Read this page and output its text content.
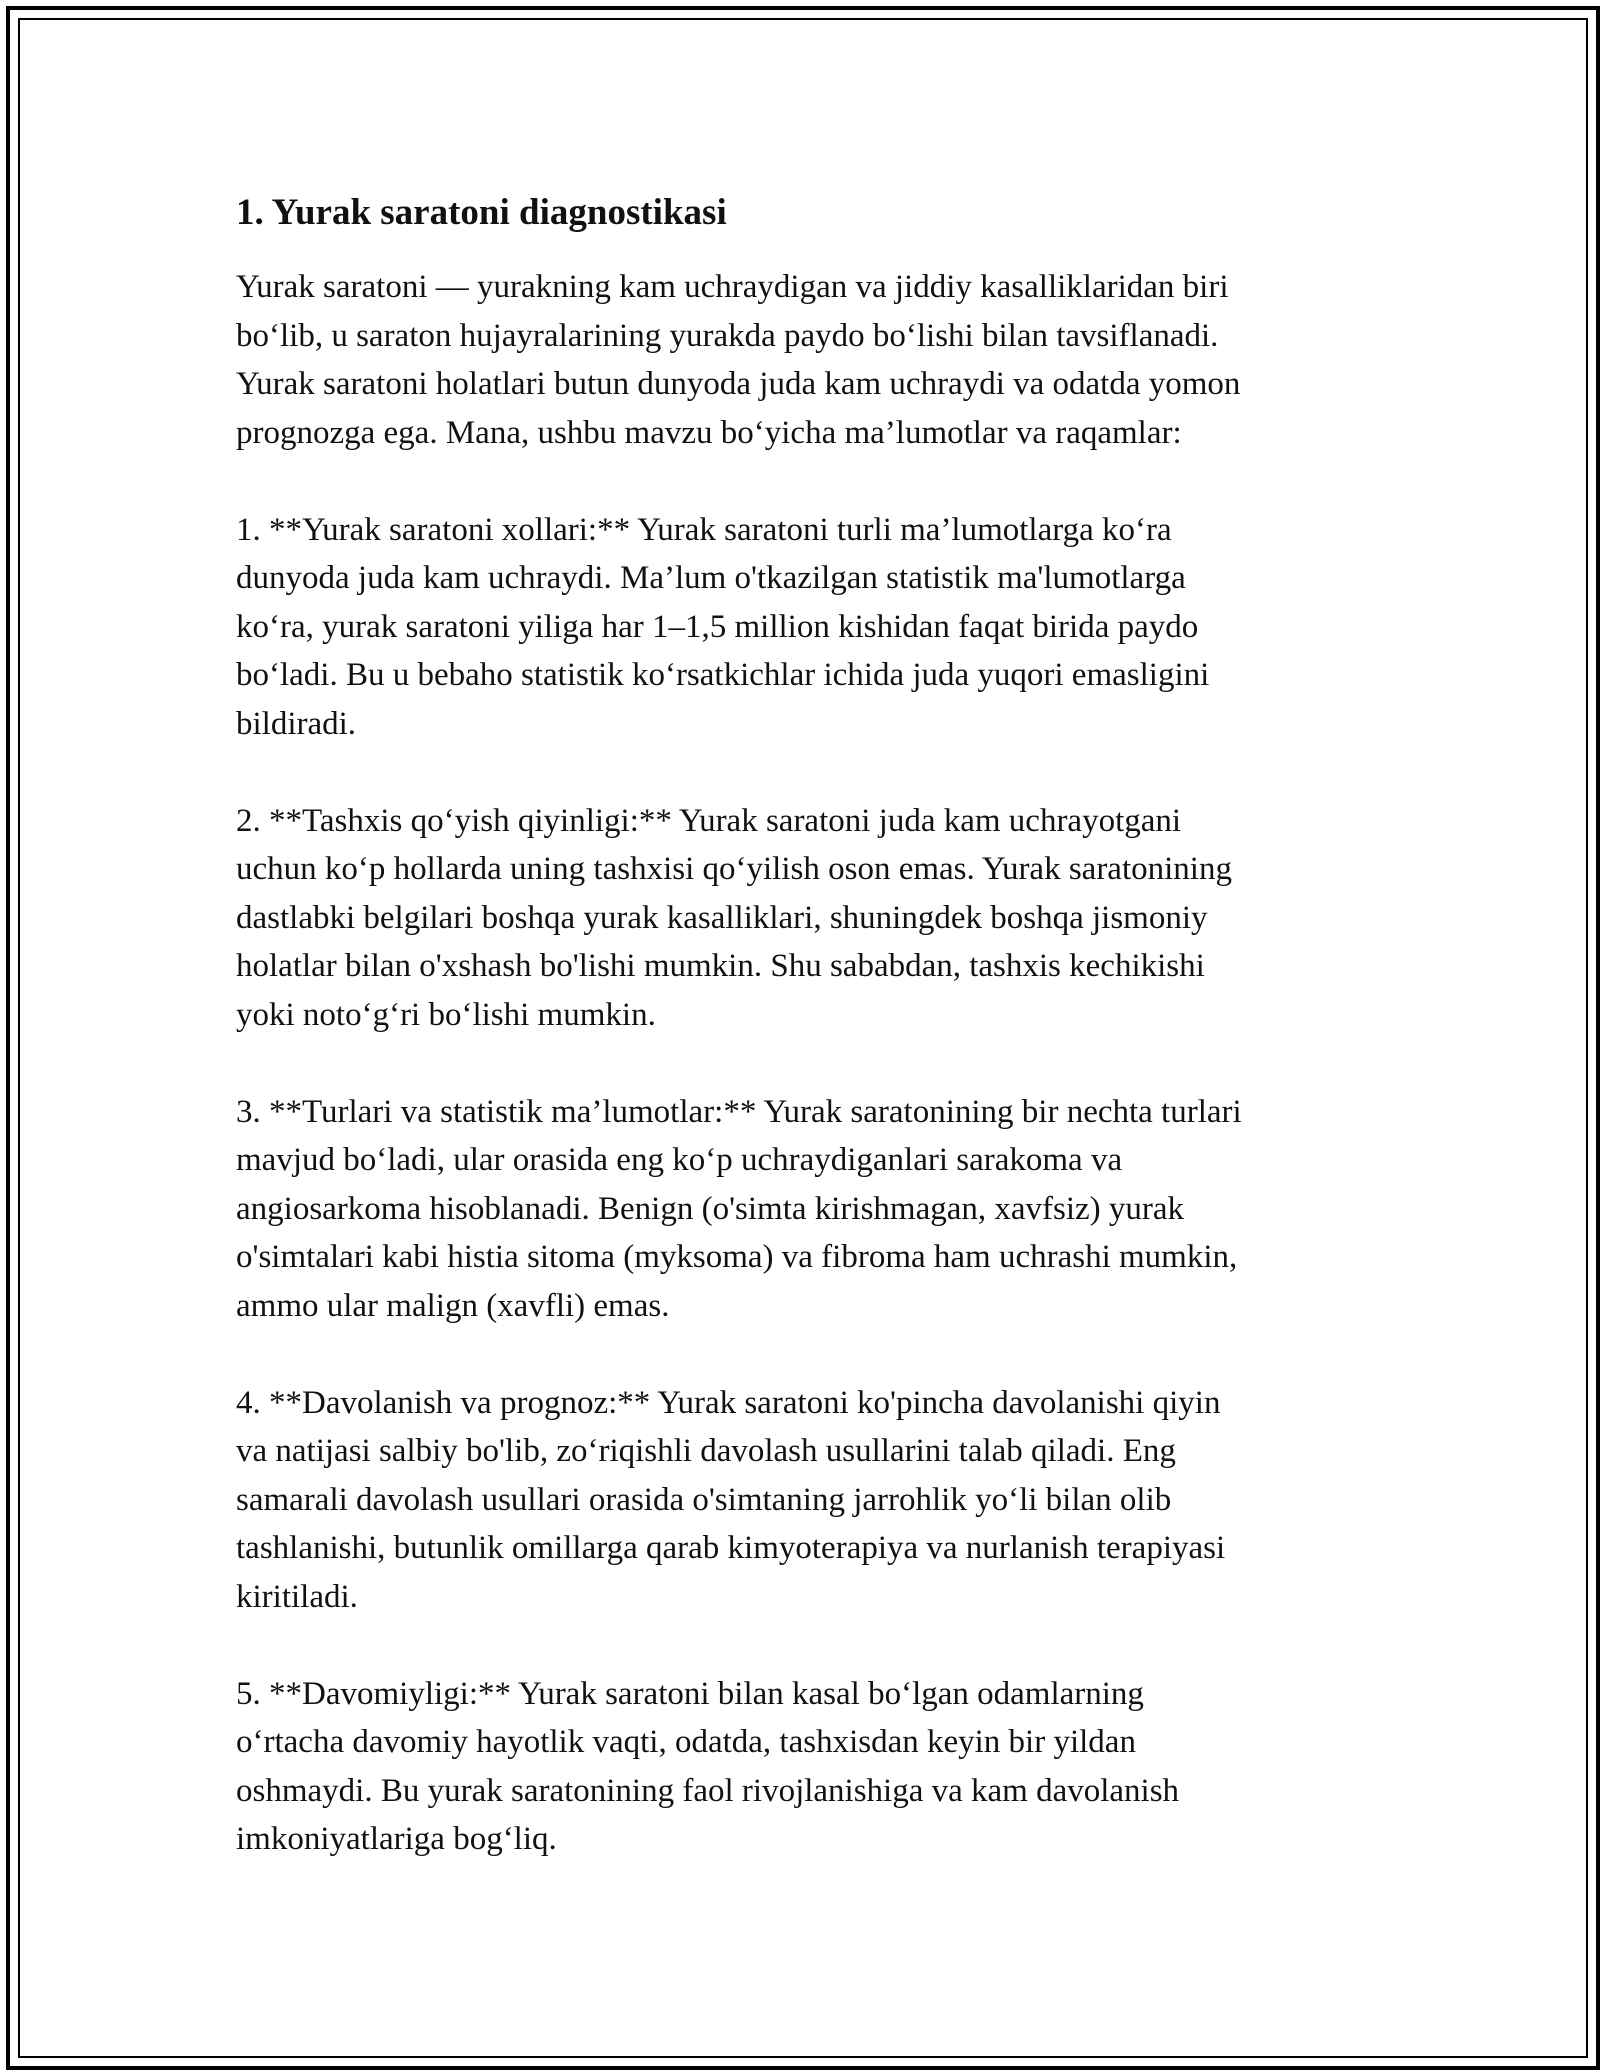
1. Yurak saratoni diagnostikasi

Yurak saratoni — yurakning kam uchraydigan va jiddiy kasalliklaridan biri
bo‘lib, u saraton hujayralarining yurakda paydo bo‘lishi bilan tavsiflanadi.
Yurak saratoni holatlari butun dunyoda juda kam uchraydi va odatda yomon
prognozga ega. Mana, ushbu mavzu bo‘yicha ma’lumotlar va raqamlar:

1. **Yurak saratoni xollari:** Yurak saratoni turli ma’lumotlarga ko‘ra
dunyoda juda kam uchraydi. Ma’lum o'tkazilgan statistik ma'lumotlarga
ko‘ra, yurak saratoni yiliga har 1–1,5 million kishidan faqat birida paydo
bo‘ladi. Bu u bebaho statistik ko‘rsatkichlar ichida juda yuqori emasligini
bildiradi.

2. **Tashxis qo‘yish qiyinligi:** Yurak saratoni juda kam uchrayotgani
uchun ko‘p hollarda uning tashxisi qo‘yilish oson emas. Yurak saratonining
dastlabki belgilari boshqa yurak kasalliklari, shuningdek boshqa jismoniy
holatlar bilan o'xshash bo'lishi mumkin. Shu sababdan, tashxis kechikishi
yoki noto‘g‘ri bo‘lishi mumkin.

3. **Turlari va statistik ma’lumotlar:** Yurak saratonining bir nechta turlari
mavjud bo‘ladi, ular orasida eng ko‘p uchraydiganlari sarakoma va
angiosarkoma hisoblanadi. Benign (o'simta kirishmagan, xavfsiz) yurak
o'simtalari kabi histia sitoma (myksoma) va fibroma ham uchrashi mumkin,
ammo ular malign (xavfli) emas.

4. **Davolanish va prognoz:** Yurak saratoni ko'pincha davolanishi qiyin
va natijasi salbiy bo'lib, zo‘riqishli davolash usullarini talab qiladi. Eng
samarali davolash usullari orasida o'simtaning jarrohlik yo‘li bilan olib
tashlanishi, butunlik omillarga qarab kimyoterapiya va nurlanish terapiyasi
kiritiladi.

5. **Davomiyligi:** Yurak saratoni bilan kasal bo‘lgan odamlarning
o‘rtacha davomiy hayotlik vaqti, odatda, tashxisdan keyin bir yildan
oshmaydi. Bu yurak saratonining faol rivojlanishiga va kam davolanish
imkoniyatlariga bog‘liq.
